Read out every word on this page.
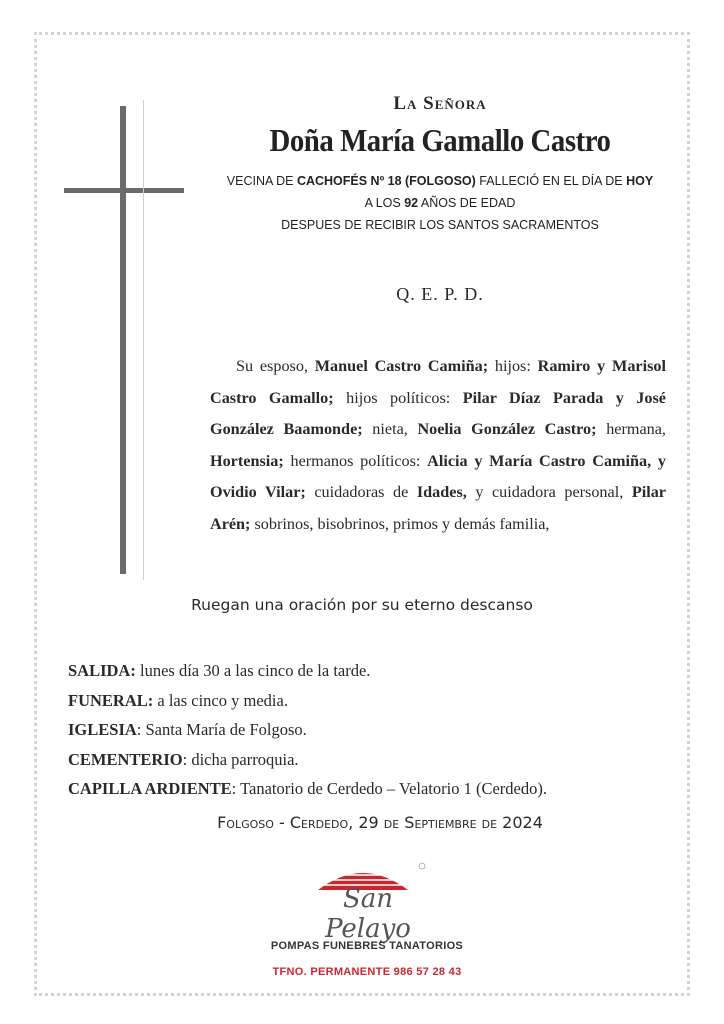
La Señora
Doña María Gamallo Castro
VECINA DE CACHOFÉS Nº 18 (FOLGOSO) FALLECIÓ EN EL DÍA DE HOY
A LOS 92 AÑOS DE EDAD
DESPUES DE RECIBIR LOS SANTOS SACRAMENTOS
Q. E. P. D.

Su esposo, Manuel Castro Camiña; hijos: Ramiro y Marisol Castro Gamallo; hijos políticos: Pilar Díaz Parada y José González Baamonde; nieta, Noelia González Castro; hermana, Hortensia; hermanos políticos: Alicia y María Castro Camiña, y Ovidio Vilar; cuidadoras de Idades, y cuidadora personal, Pilar Arén; sobrinos, bisobrinos, primos y demás familia,

Ruegan una oración por su eterno descanso
SALIDA: lunes día 30 a las cinco de la tarde.
FUNERAL: a las cinco y media.
IGLESIA: Santa María de Folgoso.
CEMENTERIO: dicha parroquia.
CAPILLA ARDIENTE: Tanatorio de Cerdedo – Velatorio 1 (Cerdedo).
Folgoso - Cerdedo, 29 de Septiembre de 2024
San Pelayo
POMPAS FUNEBRES TANATORIOS
TFNO. PERMANENTE 986 57 28 43
